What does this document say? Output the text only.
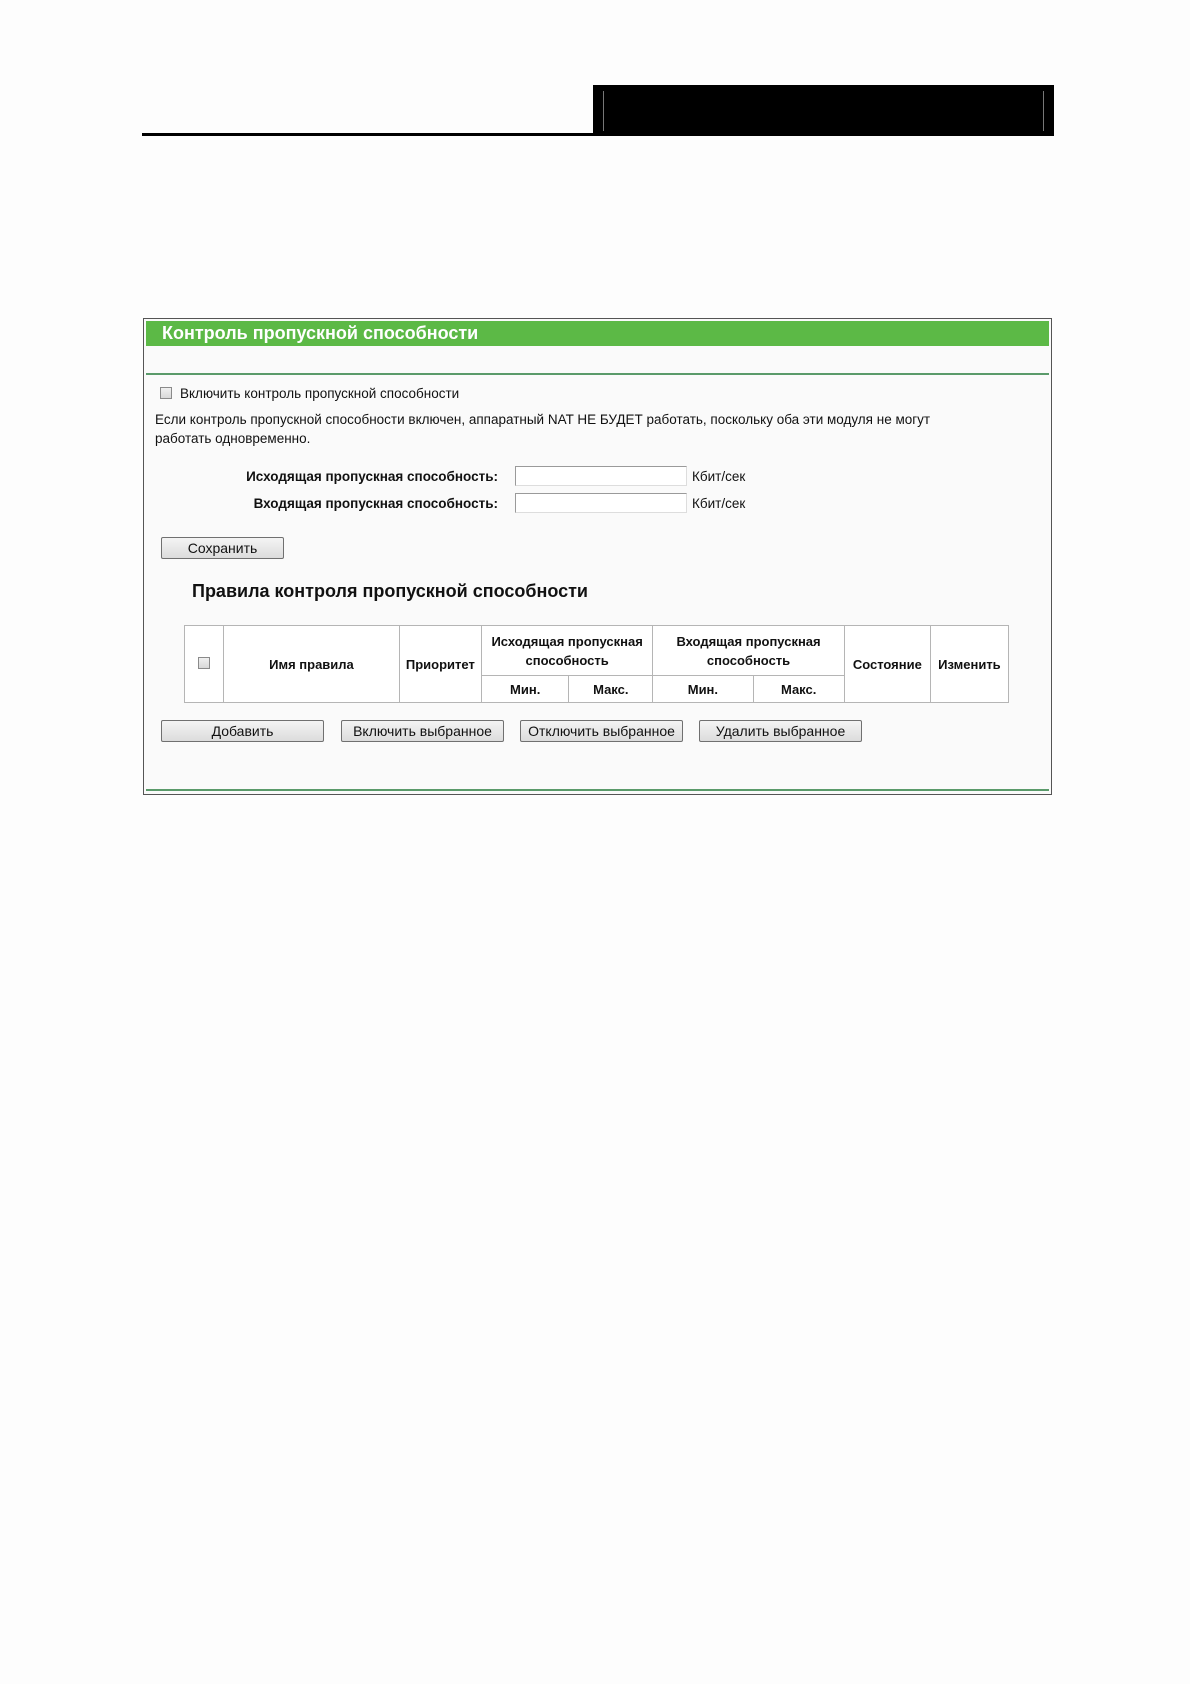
Контроль пропускной способности
Включить контроль пропускной способности
Если контроль пропускной способности включен, аппаратный NAT НЕ БУДЕТ работать, поскольку оба эти модуля не могут работать одновременно.
Исходящая пропускная способность:	Кбит/сек
Входящая пропускная способность:	Кбит/сек
Сохранить
Правила контроля пропускной способности
	Имя правила	Приоритет	Исходящая пропускная способность		Входящая пропускная способность		Состояние	Изменить
			Мин.	Макс.	Мин.	Макс.		
Добавить	Включить выбранное	Отключить выбранное	Удалить выбранное
